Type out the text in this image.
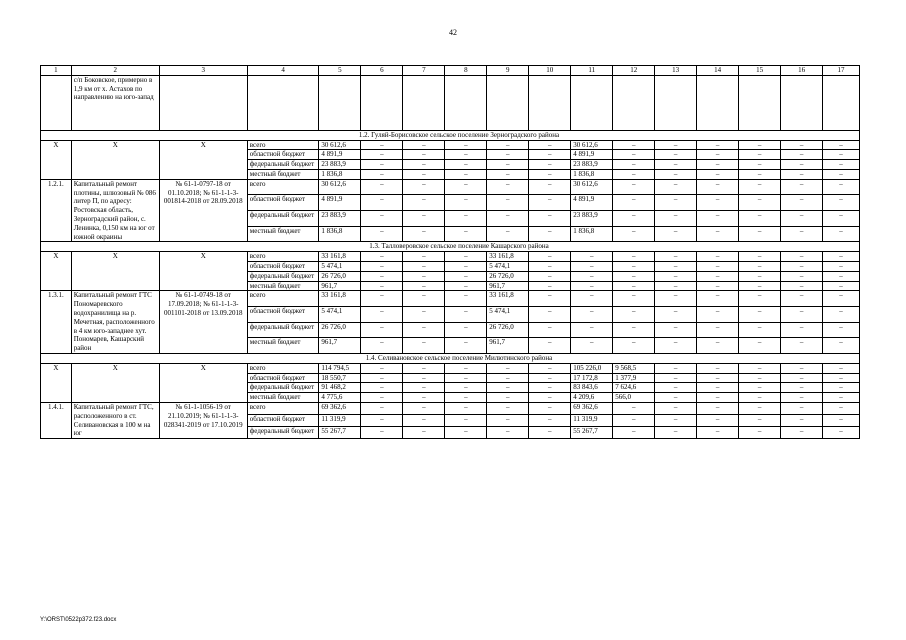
42
1	2	3	4	5	6	7	8	9	10	11	12	13	14	15	16	17
	с/п Боковское, примерно в 1,9 км от х. Астахов по направлению на юго-запад															
1.2. Гуляй-Борисовское сельское поселение Зерноградского района																
X	X	X	всего	30 612,6	–	–	–	–	–	30 612,6	–	–	–	–	–	–
			областной бюджет	4 891,9	–	–	–	–	–	4 891,9	–	–	–	–	–	–
			федеральный бюджет	23 883,9	–	–	–	–	–	23 883,9	–	–	–	–	–	–
			местный бюджет	1 836,8	–	–	–	–	–	1 836,8	–	–	–	–	–	–
1.2.1.	Капитальный ремонт плотины, шлюзовый № 086 литер П, по адресу: Ростовская область, Зерноградский район, с. Ленинка, 0,150 км на юг от южной окраины	№ 61-1-0797-18 от 01.10.2018; № 61-1-1-3-001814-2018 от 28.09.2018	всего	30 612,6	–	–	–	–	–	30 612,6	–	–	–	–	–	–
			областной бюджет	4 891,9	–	–	–	–	–	4 891,9	–	–	–	–	–	–
			федеральный бюджет	23 883,9	–	–	–	–	–	23 883,9	–	–	–	–	–	–
			местный бюджет	1 836,8	–	–	–	–	–	1 836,8	–	–	–	–	–	–
1.3. Талловеровское сельское поселение Кашарского района																
X	X	X	всего	33 161,8	–	–	–	33 161,8	–	–	–	–	–	–	–	–
			областной бюджет	5 474,1	–	–	–	5 474,1	–	–	–	–	–	–	–	–
			федеральный бюджет	26 726,0	–	–	–	26 726,0	–	–	–	–	–	–	–	–
			местный бюджет	961,7	–	–	–	961,7	–	–	–	–	–	–	–	–
1.3.1.	Капитальный ремонт ГТС Пономаревского водохранилища на р. Мечетная, расположенного в 4 км юго-западнее хут. Пономарев, Кашарский район	№ 61-1-0749-18 от 17.09.2018; № 61-1-1-3-001101-2018 от 13.09.2018	всего	33 161,8	–	–	–	33 161,8	–	–	–	–	–	–	–	–
			областной бюджет	5 474,1	–	–	–	5 474,1	–	–	–	–	–	–	–	–
			федеральный бюджет	26 726,0	–	–	–	26 726,0	–	–	–	–	–	–	–	–
			местный бюджет	961,7	–	–	–	961,7	–	–	–	–	–	–	–	–
1.4. Селивановское сельское поселение Милютинского района																
X	X	X	всего	114 794,5	–	–	–	–	–	105 226,0	9 568,5	–	–	–	–	–
			областной бюджет	18 550,7	–	–	–	–	–	17 172,8	1 377,9	–	–	–	–	–
			федеральный бюджет	91 468,2	–	–	–	–	–	83 843,6	7 624,6	–	–	–	–	–
			местный бюджет	4 775,6	–	–	–	–	–	4 209,6	566,0	–	–	–	–	–
1.4.1.	Капитальный ремонт ГТС, расположенного в ст. Селивановская в 100 м на юг	№ 61-1-1056-19 от 21.10.2019; № 61-1-1-3-028341-2019 от 17.10.2019	всего	69 362,6	–	–	–	–	–	69 362,6	–	–	–	–	–	–
			областной бюджет	11 319,9	–	–	–	–	–	11 319,9	–	–	–	–	–	–
			федеральный бюджет	55 267,7	–	–	–	–	–	55 267,7	–	–	–	–	–	–
Y:\ORST\0522p372.f23.docx
